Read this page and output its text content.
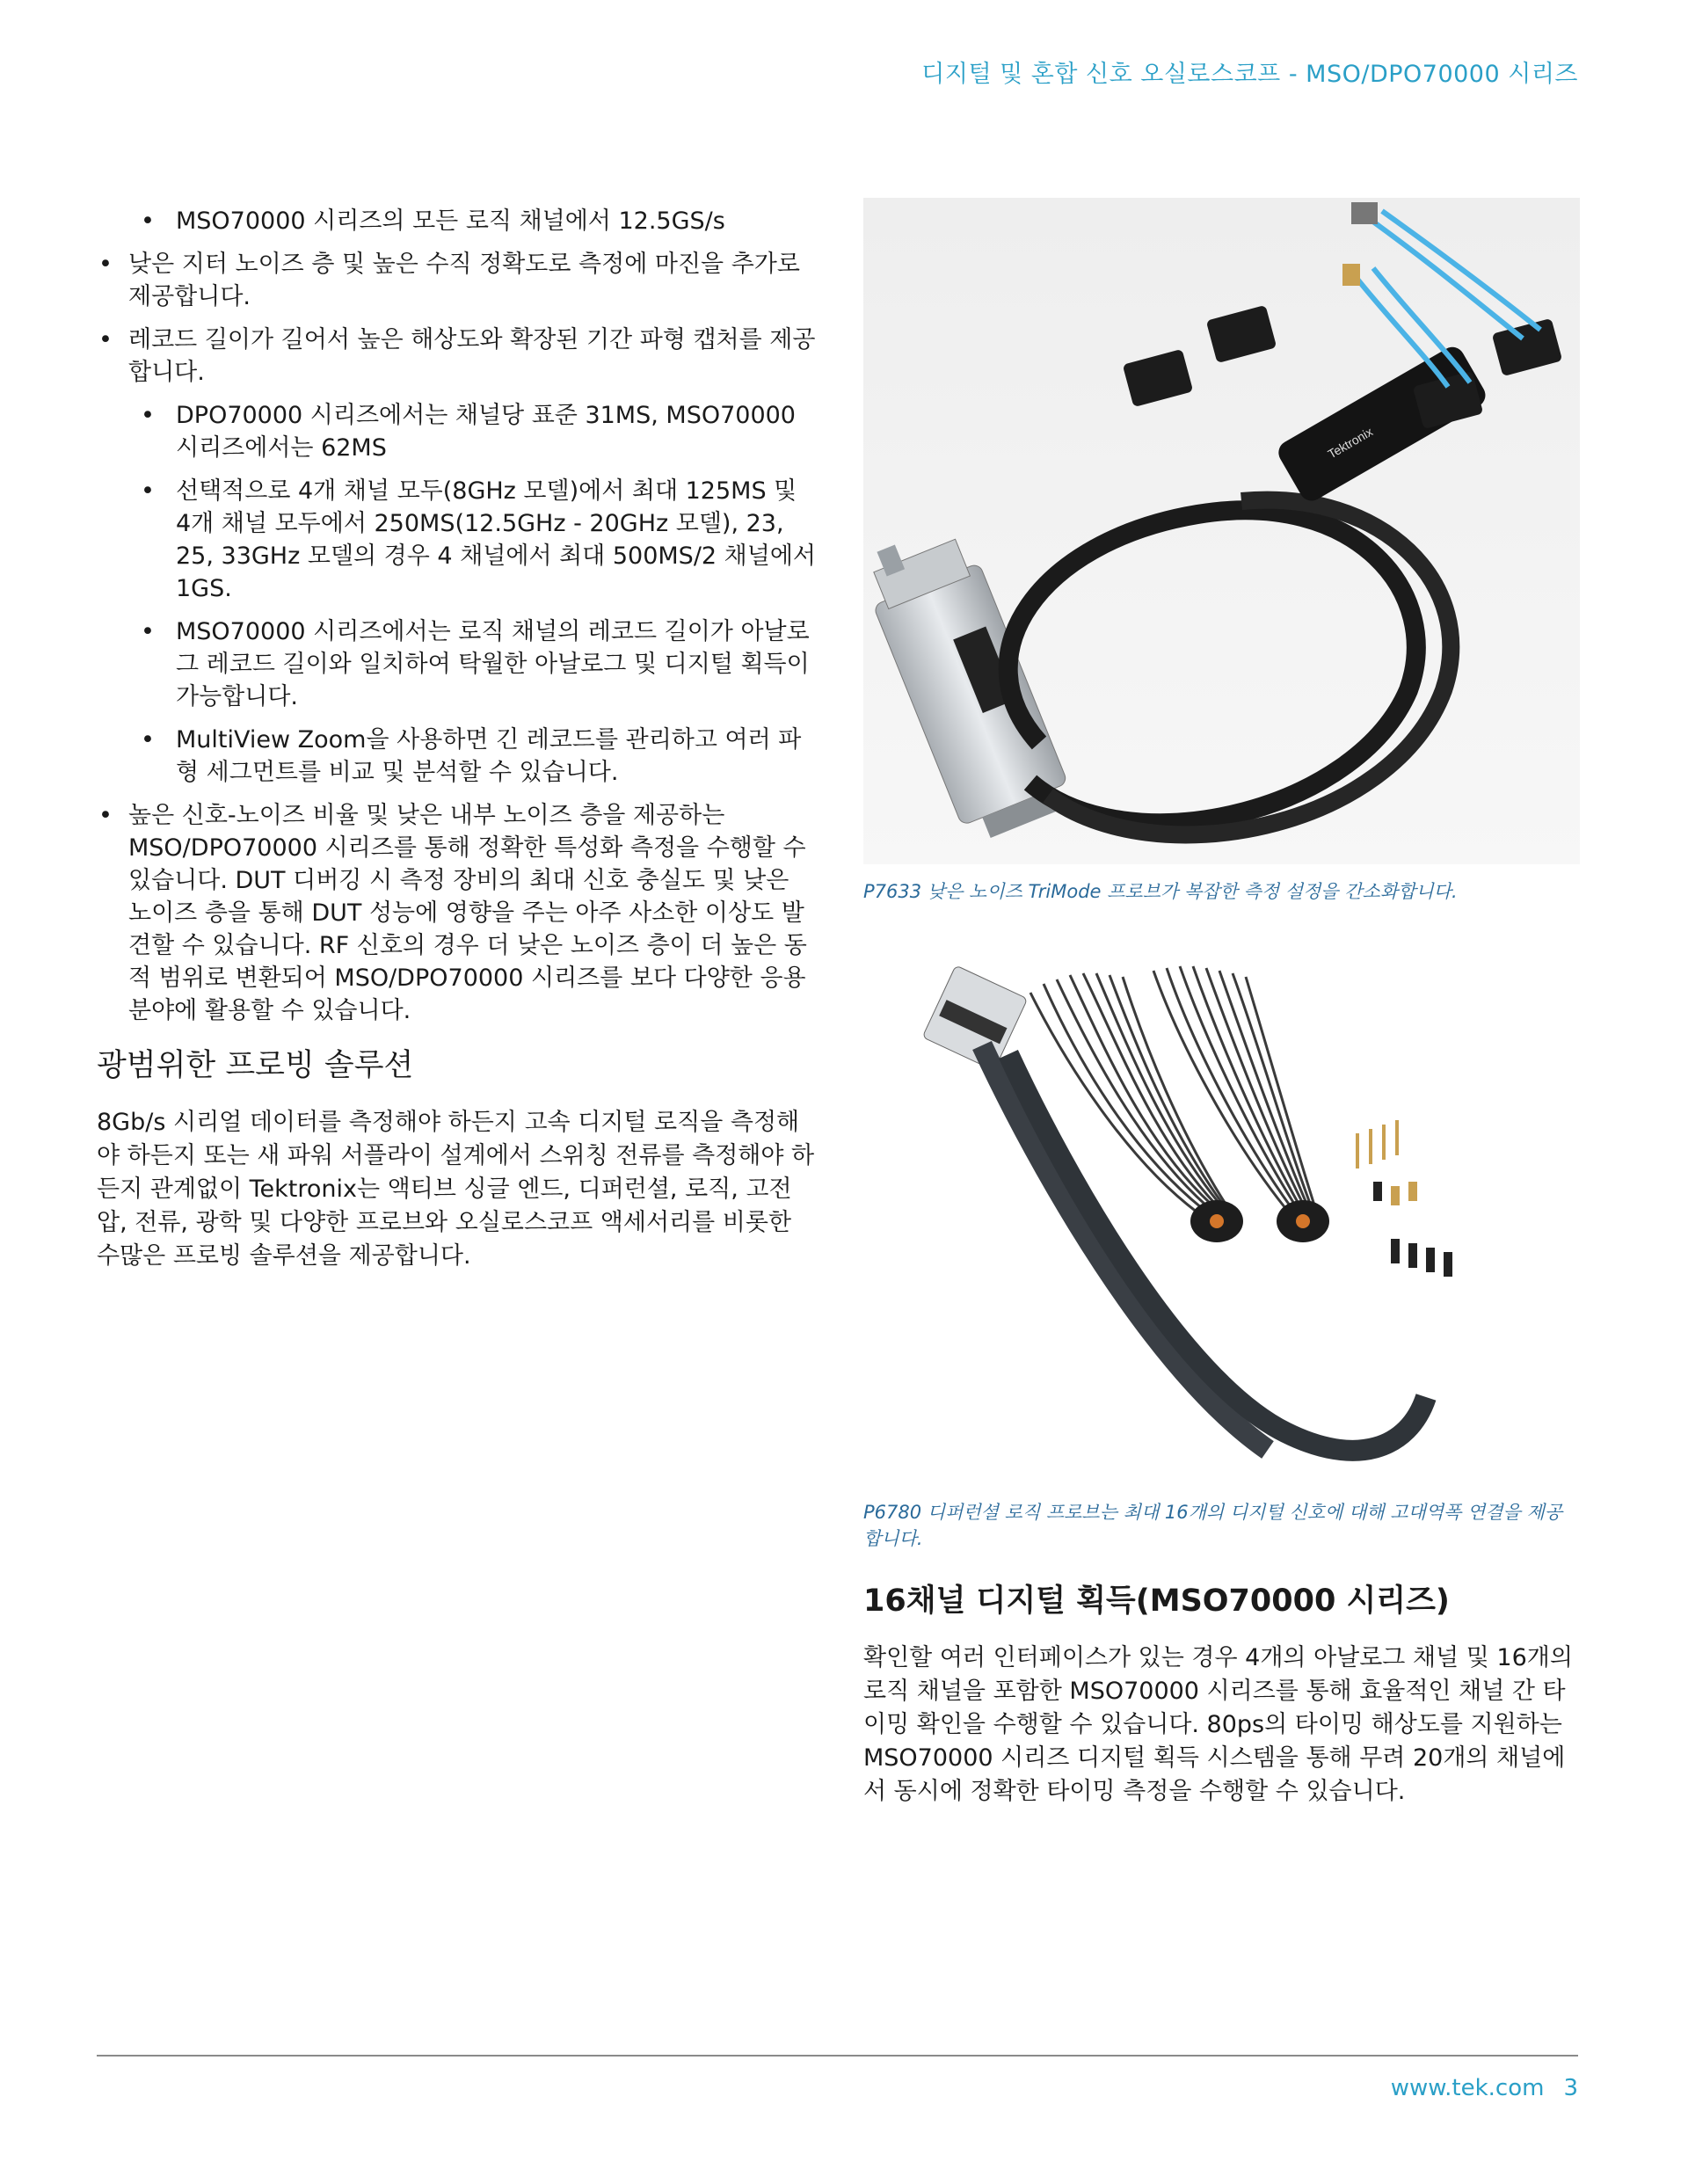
디지털 및 혼합 신호 오실로스코프 - MSO/DPO70000 시리즈
• MSO70000 시리즈의 모든 로직 채널에서 12.5GS/s
• 낮은 지터 노이즈 층 및 높은 수직 정확도로 측정에 마진을 추가로 제공합니다.
• 레코드 길이가 길어서 높은 해상도와 확장된 기간 파형 캡처를 제공합니다.
• DPO70000 시리즈에서는 채널당 표준 31MS, MSO70000 시리즈에서는 62MS
• 선택적으로 4개 채널 모두(8GHz 모델)에서 최대 125MS 및 4개 채널 모두에서 250MS(12.5GHz - 20GHz 모델), 23, 25, 33GHz 모델의 경우 4 채널에서 최대 500MS/2 채널에서 1GS.
• MSO70000 시리즈에서는 로직 채널의 레코드 길이가 아날로그 레코드 길이와 일치하여 탁월한 아날로그 및 디지털 획득이 가능합니다.
• MultiView Zoom을 사용하면 긴 레코드를 관리하고 여러 파형 세그먼트를 비교 및 분석할 수 있습니다.
• 높은 신호-노이즈 비율 및 낮은 내부 노이즈 층을 제공하는 MSO/DPO70000 시리즈를 통해 정확한 특성화 측정을 수행할 수 있습니다. DUT 디버깅 시 측정 장비의 최대 신호 충실도 및 낮은 노이즈 층을 통해 DUT 성능에 영향을 주는 아주 사소한 이상도 발견할 수 있습니다. RF 신호의 경우 더 낮은 노이즈 층이 더 높은 동적 범위로 변환되어 MSO/DPO70000 시리즈를 보다 다양한 응용 분야에 활용할 수 있습니다.
광범위한 프로빙 솔루션

8Gb/s 시리얼 데이터를 측정해야 하든지 고속 디지털 로직을 측정해야 하든지 또는 새 파워 서플라이 설계에서 스위칭 전류를 측정해야 하든지 관계없이 Tektronix는 액티브 싱글 엔드, 디퍼런셜, 로직, 고전압, 전류, 광학 및 다양한 프로브와 오실로스코프 액세서리를 비롯한 수많은 프로빙 솔루션을 제공합니다.

Tektronix

P7633 낮은 노이즈 TriMode 프로브가 복잡한 측정 설정을 간소화합니다.

P6780 디퍼런셜 로직 프로브는 최대 16개의 디지털 신호에 대해 고대역폭 연결을 제공합니다.

16채널 디지털 획득(MSO70000 시리즈)

확인할 여러 인터페이스가 있는 경우 4개의 아날로그 채널 및 16개의 로직 채널을 포함한 MSO70000 시리즈를 통해 효율적인 채널 간 타이밍 확인을 수행할 수 있습니다. 80ps의 타이밍 해상도를 지원하는 MSO70000 시리즈 디지털 획득 시스템을 통해 무려 20개의 채널에서 동시에 정확한 타이밍 측정을 수행할 수 있습니다.

www.tek.com 3
